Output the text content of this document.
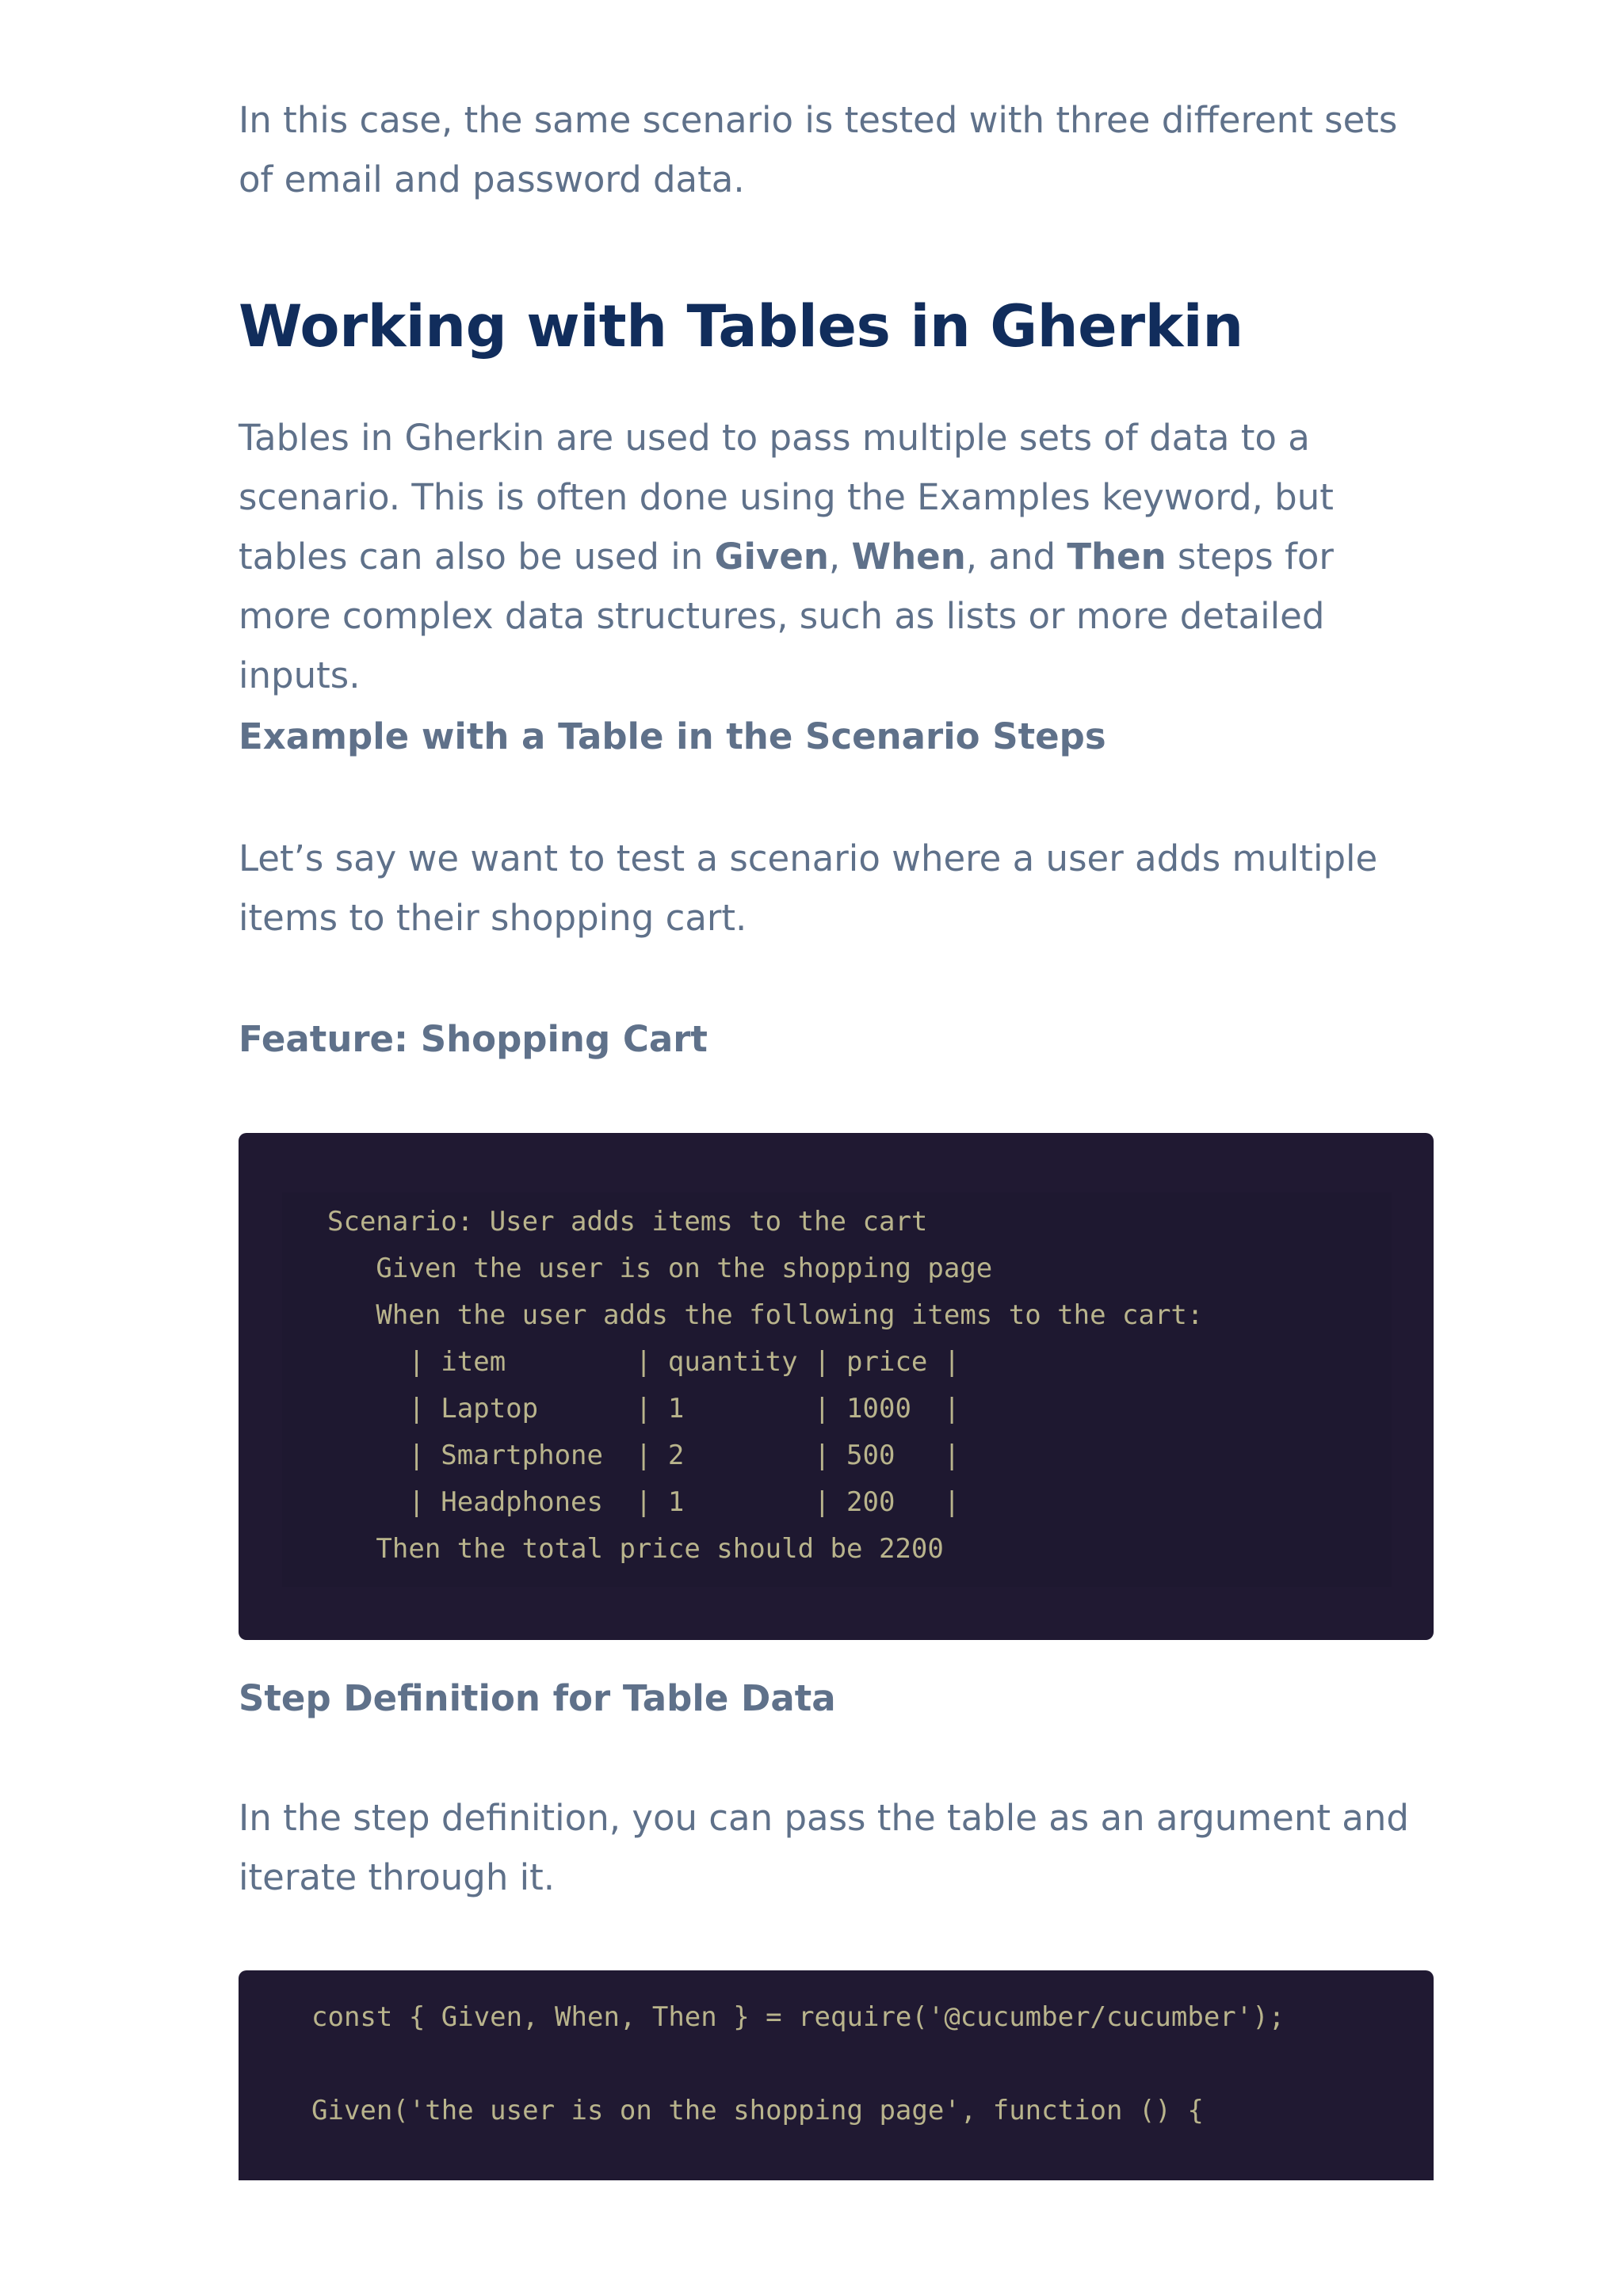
In this case, the same scenario is tested with three different sets of email and password data.

Working with Tables in Gherkin

Tables in Gherkin are used to pass multiple sets of data to a scenario. This is often done using the Examples keyword, but tables can also be used in Given, When, and Then steps for more complex data structures, such as lists or more detailed inputs.

Example with a Table in the Scenario Steps

Let’s say we want to test a scenario where a user adds multiple items to their shopping cart.

Feature: Shopping Cart
Step Definition for Table Data

In the step definition, you can pass the table as an argument and iterate through it.

Scenario: User adds items to the cart
Given the user is on the shopping page
When the user adds the following items to the cart:
| item        | quantity | price |
| Laptop      | 1        | 1000  |
| Smartphone  | 2        | 500   |
| Headphones  | 1        | 200   |
Then the total price should be 2200
const { Given, When, Then } = require('@cucumber/cucumber');

Given('the user is on the shopping page', function () {
